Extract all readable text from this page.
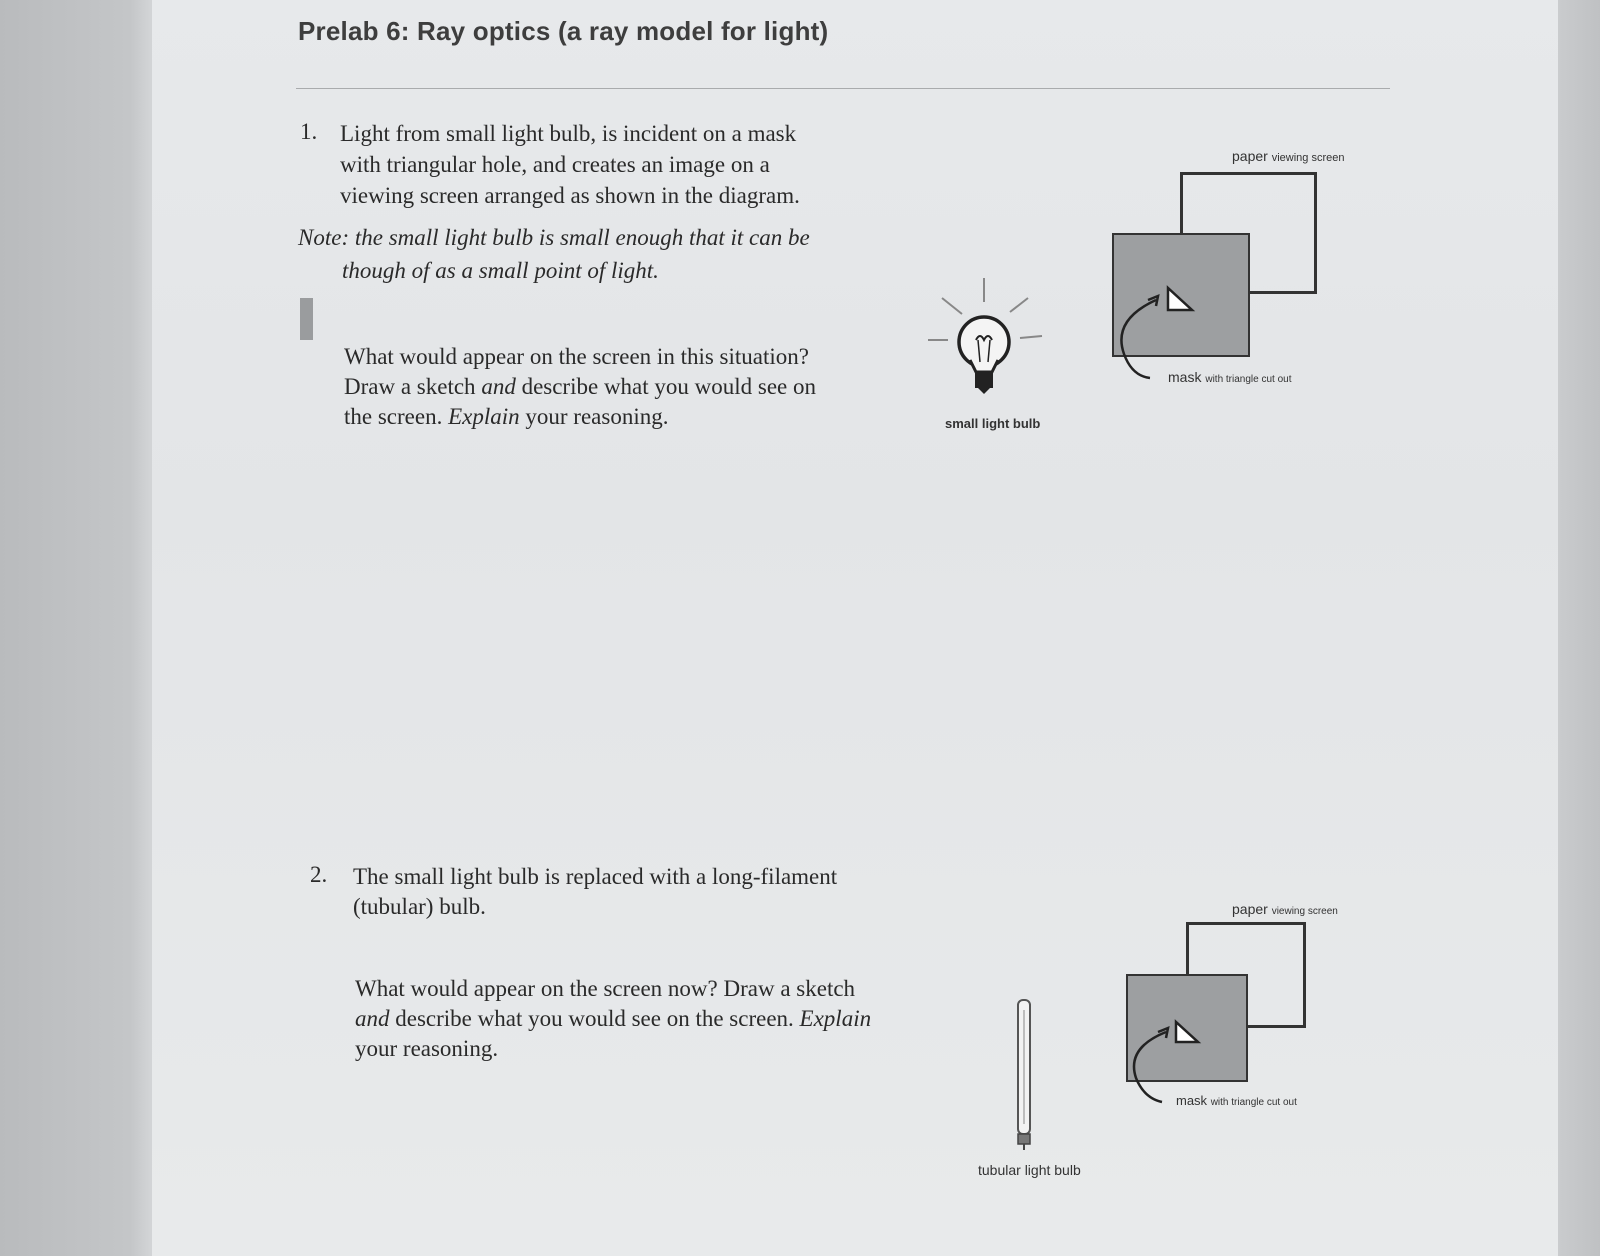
Prelab 6: Ray optics (a ray model for light)
1. Light from small light bulb, is incident on a mask
with triangular hole, and creates an image on a
viewing screen arranged as shown in the diagram.
Note: the small light bulb is small enough that it can be
though of as a small point of light.
What would appear on the screen in this situation?
Draw a sketch and describe what you would see on
the screen. Explain your reasoning.	small light bulb
paper viewing screen
mask with triangle cut out
2. The small light bulb is replaced with a long-filament
(tubular) bulb.
What would appear on the screen now? Draw a sketch
and describe what you would see on the screen. Explain
your reasoning.
tubular light bulb
paper viewing screen
mask with triangle cut out
